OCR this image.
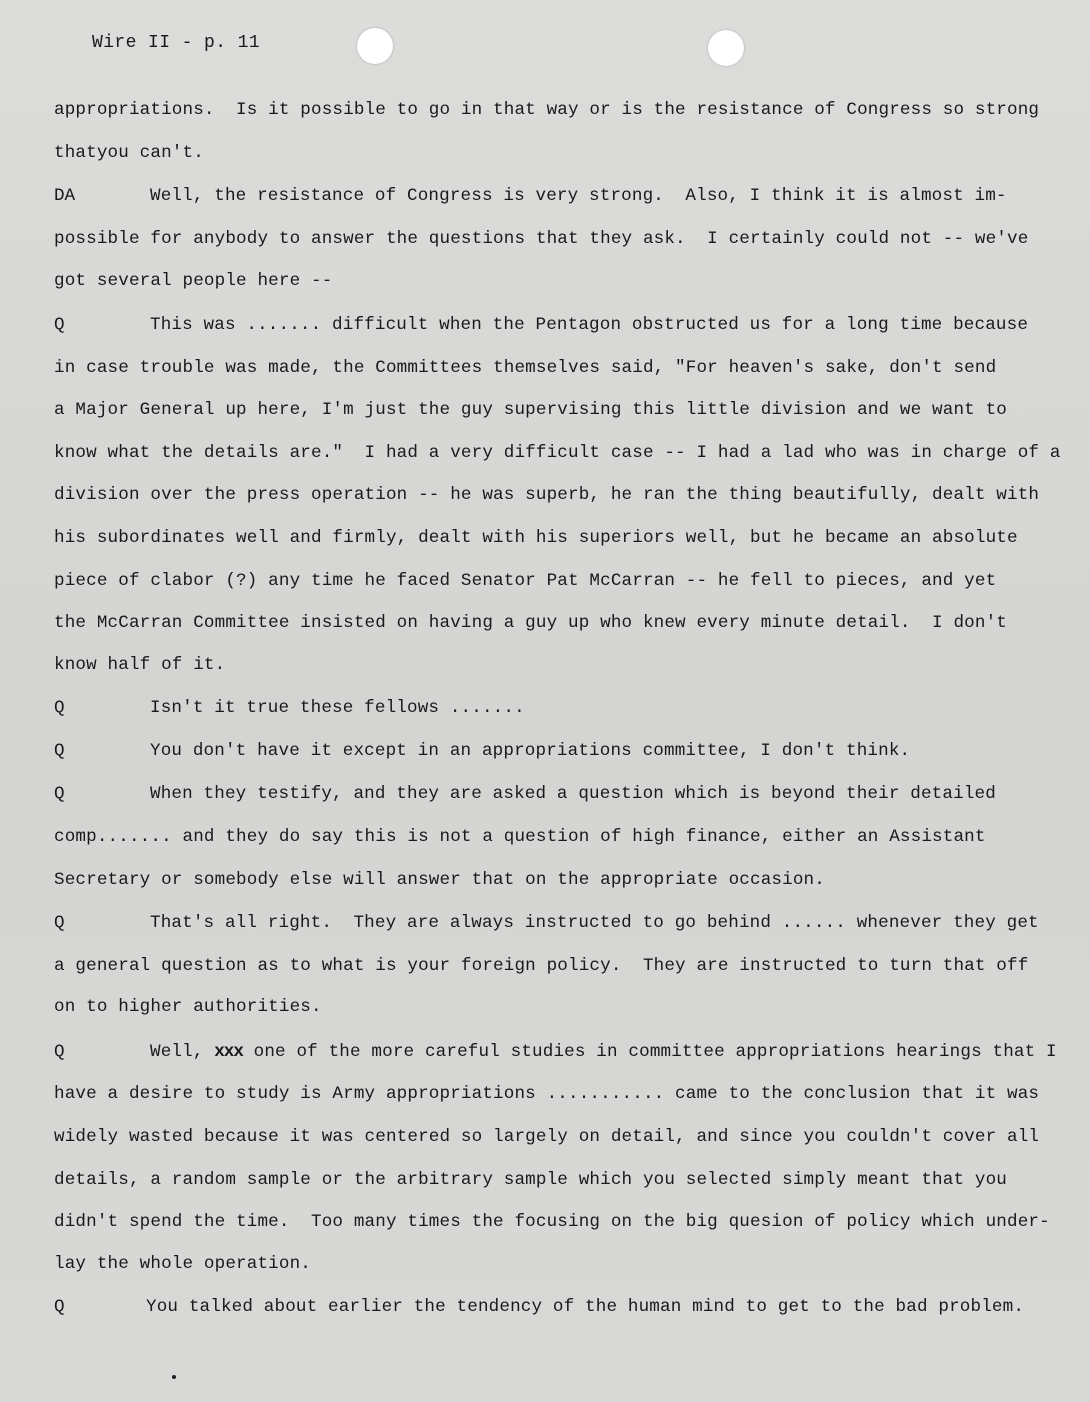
Wire II - p. 11
appropriations.  Is it possible to go in that way or is the resistance of Congress so strong
thatyou can't.
DA	Well, the resistance of Congress is very strong.  Also, I think it is almost im-
possible for anybody to answer the questions that they ask.  I certainly could not -- we've
got several people here --
Q	This was ....... difficult when the Pentagon obstructed us for a long time because
in case trouble was made, the Committees themselves said, "For heaven's sake, don't send
a Major General up here, I'm just the guy supervising this little division and we want to
know what the details are."  I had a very difficult case -- I had a lad who was in charge of a
division over the press operation -- he was superb, he ran the thing beautifully, dealt with
his subordinates well and firmly, dealt with his superiors well, but he became an absolute
piece of clabor (?) any time he faced Senator Pat McCarran -- he fell to pieces, and yet
the McCarran Committee insisted on having a guy up who knew every minute detail.  I don't
know half of it.
Q	Isn't it true these fellows .......
Q	You don't have it except in an appropriations committee, I don't think.
Q	When they testify, and they are asked a question which is beyond their detailed
comp....... and they do say this is not a question of high finance, either an Assistant
Secretary or somebody else will answer that on the appropriate occasion.
Q	That's all right.  They are always instructed to go behind ...... whenever they get
a general question as to what is your foreign policy.  They are instructed to turn that off
on to higher authorities.
Q	Well, xxx one of the more careful studies in committee appropriations hearings that I
have a desire to study is Army appropriations ........... came to the conclusion that it was
widely wasted because it was centered so largely on detail, and since you couldn't cover all
details, a random sample or the arbitrary sample which you selected simply meant that you
didn't spend the time.  Too many times the focusing on the big quesion of policy which under-
lay the whole operation.
Q	You talked about earlier the tendency of the human mind to get to the bad problem.
